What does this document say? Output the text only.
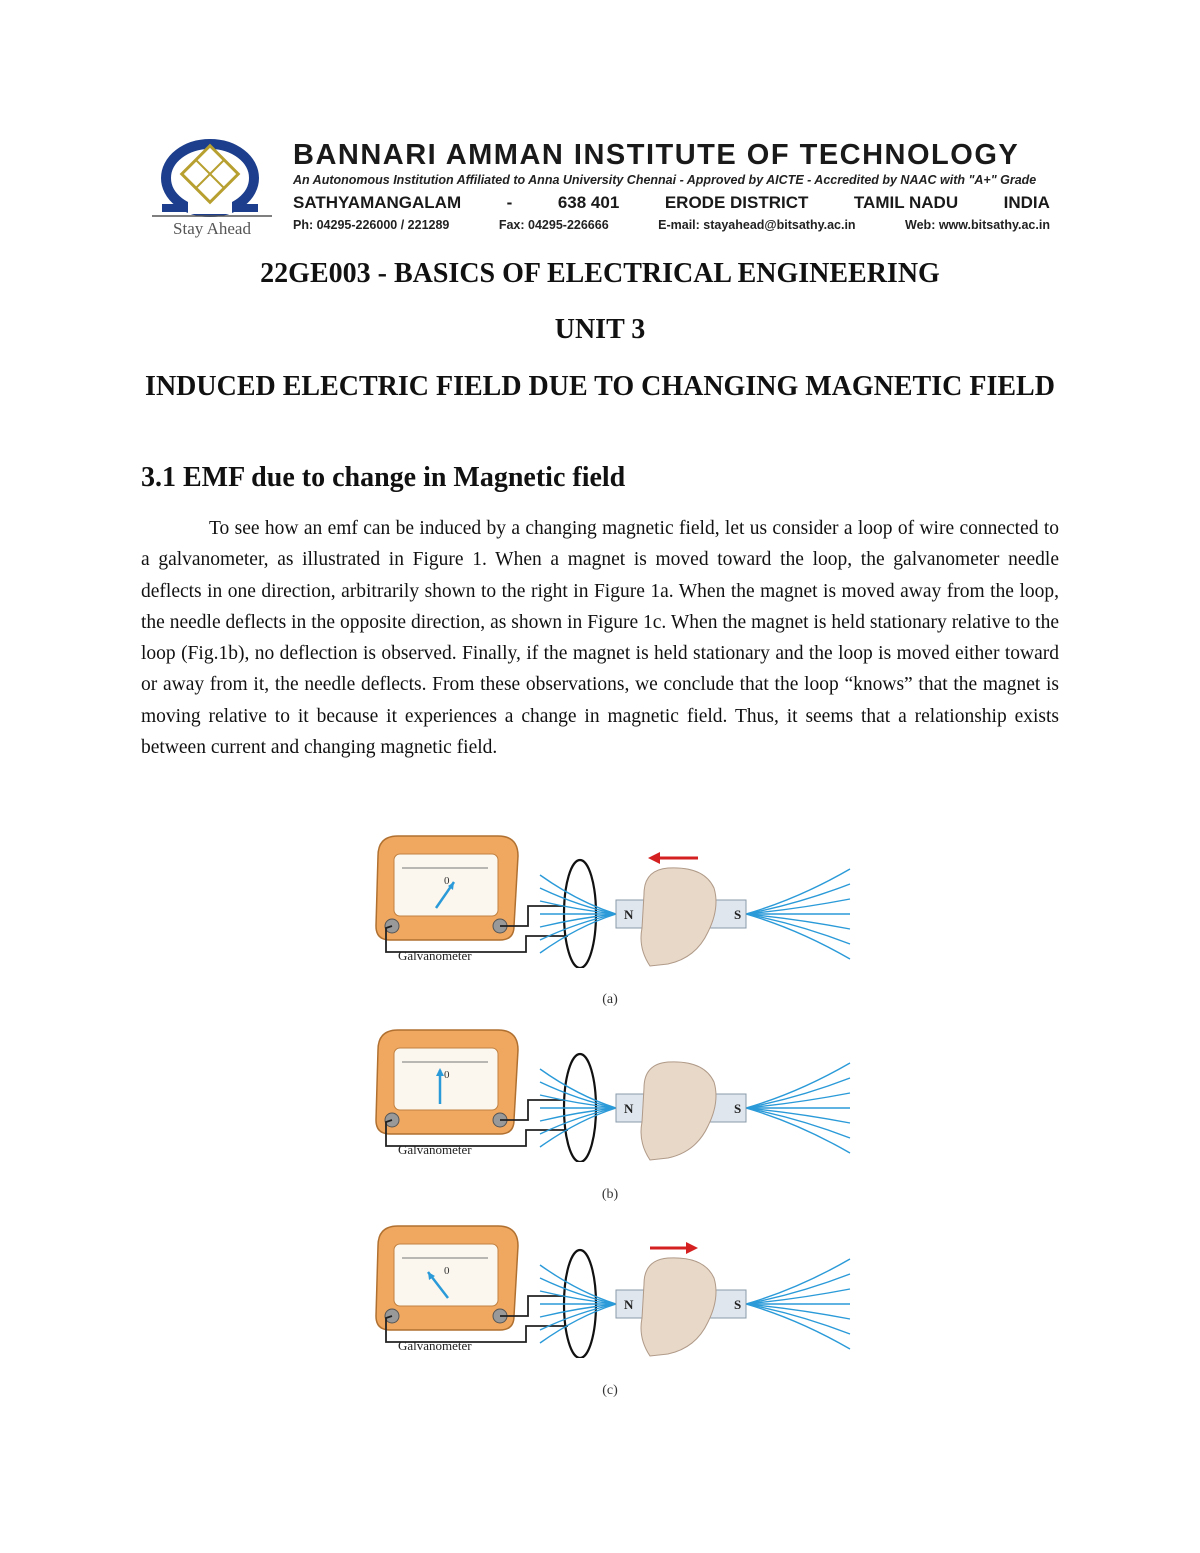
Stay Ahead
BANNARI AMMAN INSTITUTE OF TECHNOLOGY
An Autonomous Institution Affiliated to Anna University Chennai - Approved by AICTE - Accredited by NAAC with "A+" Grade
SATHYAMANGALAM	-	638 401	ERODE DISTRICT	TAMIL NADU	INDIA
Ph: 04295-226000 / 221289	Fax: 04295-226666	E-mail: stayahead@bitsathy.ac.in	Web: www.bitsathy.ac.in
22GE003 - BASICS OF ELECTRICAL ENGINEERING
UNIT 3
INDUCED ELECTRIC FIELD DUE TO CHANGING MAGNETIC FIELD
3.1 EMF due to change in Magnetic field
To see how an emf can be induced by a changing magnetic field, let us consider a loop of wire connected to a galvanometer, as illustrated in Figure 1. When a magnet is moved toward the loop, the galvanometer needle deflects in one direction, arbitrarily shown to the right in Figure 1a. When the magnet is moved away from the loop, the needle deflects in the opposite direction, as shown in Figure 1c. When the magnet is held stationary relative to the loop (Fig.1b), no deflection is observed. Finally, if the magnet is held stationary and the loop is moved either toward or away from it, the needle deflects. From these observations, we conclude that the loop “knows” that the magnet is moving relative to it because it experiences a change in magnetic field. Thus, it seems that a relationship exists between current and changing magnetic field.
0
Galvanometer
N	S
(a)
0
Galvanometer
N	S
(b)
0
Galvanometer
N	S
(c)
